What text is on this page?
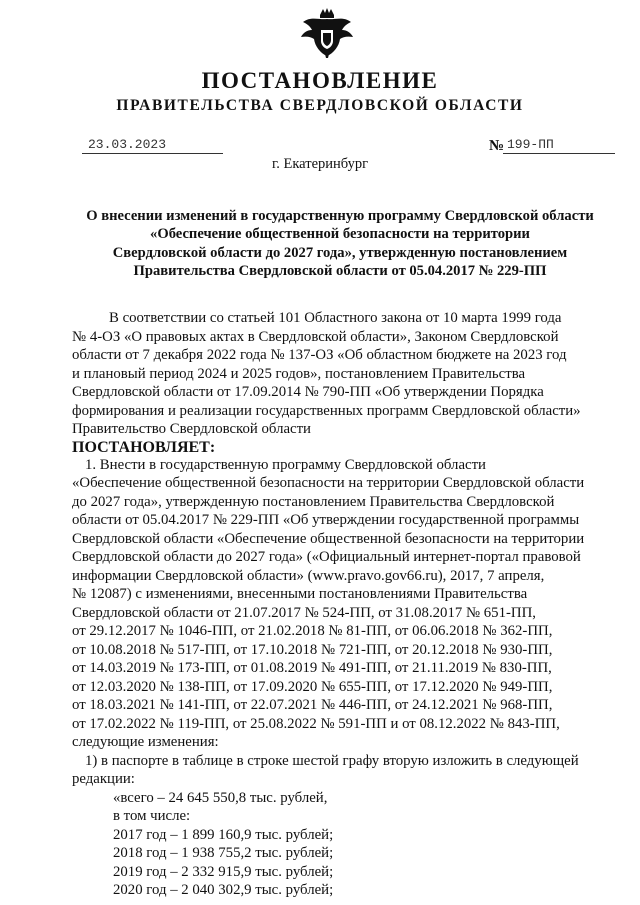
ПОСТАНОВЛЕНИЕ
ПРАВИТЕЛЬСТВА СВЕРДЛОВСКОЙ ОБЛАСТИ
23.03.2023	№ 199-ПП
г. Екатеринбург
О внесении изменений в государственную программу Свердловской области
«Обеспечение общественной безопасности на территории
Свердловской области до 2027 года», утвержденную постановлением
Правительства Свердловской области от 05.04.2017 № 229-ПП

В соответствии со статьей 101 Областного закона от 10 марта 1999 года

№ 4-ОЗ «О правовых актах в Свердловской области», Законом Свердловской

области от 7 декабря 2022 года № 137-ОЗ «Об областном бюджете на 2023 год

и плановый период 2024 и 2025 годов», постановлением Правительства

Свердловской области от 17.09.2014 № 790-ПП «Об утверждении Порядка

формирования и реализации государственных программ Свердловской области»

Правительство Свердловской области

ПОСТАНОВЛЯЕТ:

1. Внести в государственную программу Свердловской области

«Обеспечение общественной безопасности на территории Свердловской области

до 2027 года», утвержденную постановлением Правительства Свердловской

области от 05.04.2017 № 229-ПП «Об утверждении государственной программы

Свердловской области «Обеспечение общественной безопасности на территории

Свердловской области до 2027 года» («Официальный интернет-портал правовой

информации Свердловской области» (www.pravo.gov66.ru), 2017, 7 апреля,

№ 12087) с изменениями, внесенными постановлениями Правительства

Свердловской области от 21.07.2017 № 524-ПП, от 31.08.2017 № 651-ПП,

от 29.12.2017 № 1046-ПП, от 21.02.2018 № 81-ПП, от 06.06.2018 № 362-ПП,

от 10.08.2018 № 517-ПП, от 17.10.2018 № 721-ПП, от 20.12.2018 № 930-ПП,

от 14.03.2019 № 173-ПП, от 01.08.2019 № 491-ПП, от 21.11.2019 № 830-ПП,

от 12.03.2020 № 138-ПП, от 17.09.2020 № 655-ПП, от 17.12.2020 № 949-ПП,

от 18.03.2021 № 141-ПП, от 22.07.2021 № 446-ПП, от 24.12.2021 № 968-ПП,

от 17.02.2022 № 119-ПП, от 25.08.2022 № 591-ПП и от 08.12.2022 № 843-ПП,

следующие изменения:

1) в паспорте в таблице в строке шестой графу вторую изложить в следующей

редакции:

«всего – 24 645 550,8 тыс. рублей,

в том числе:

2017 год – 1 899 160,9 тыс. рублей;

2018 год – 1 938 755,2 тыс. рублей;

2019 год – 2 332 915,9 тыс. рублей;

2020 год – 2 040 302,9 тыс. рублей;
